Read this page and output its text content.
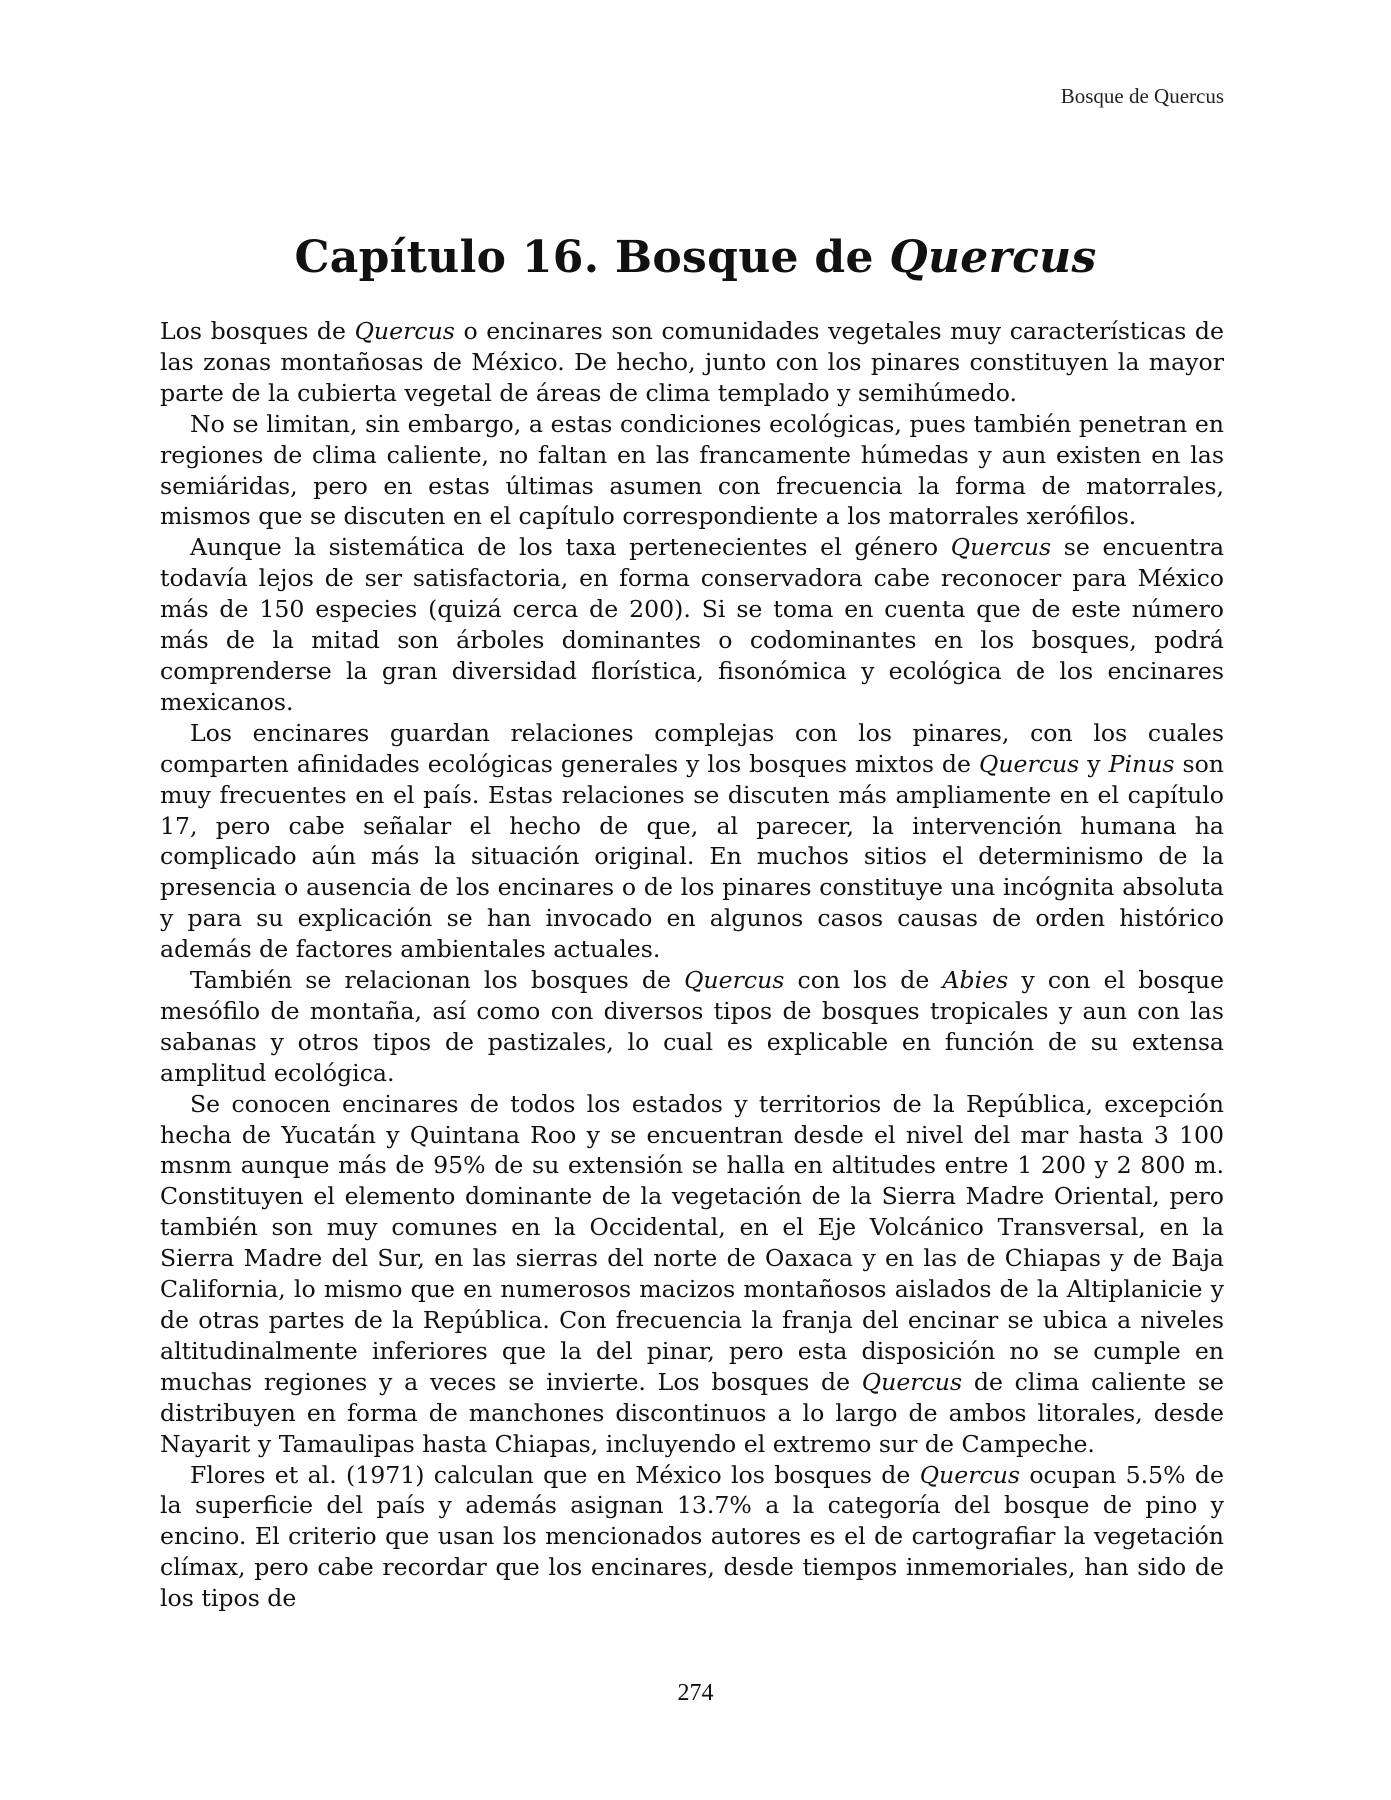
Bosque de Quercus
Capítulo 16. Bosque de Quercus

Los bosques de Quercus o encinares son comunidades vegetales muy características de las zonas montañosas de México. De hecho, junto con los pinares constituyen la mayor parte de la cubierta vegetal de áreas de clima templado y semihúmedo.

No se limitan, sin embargo, a estas condiciones ecológicas, pues también penetran en regiones de clima caliente, no faltan en las francamente húmedas y aun existen en las semiáridas, pero en estas últimas asumen con frecuencia la forma de matorrales, mismos que se discuten en el capítulo correspondiente a los matorrales xerófilos.

Aunque la sistemática de los taxa pertenecientes el género Quercus se encuentra todavía lejos de ser satisfactoria, en forma conservadora cabe reconocer para México más de 150 especies (quizá cerca de 200). Si se toma en cuenta que de este número más de la mitad son árboles dominantes o codominantes en los bosques, podrá comprenderse la gran diversidad florística, fisonómica y ecológica de los encinares mexicanos.

Los encinares guardan relaciones complejas con los pinares, con los cuales comparten afinidades ecológicas generales y los bosques mixtos de Quercus y Pinus son muy frecuentes en el país. Estas relaciones se discuten más ampliamente en el capítulo 17, pero cabe señalar el hecho de que, al parecer, la intervención humana ha complicado aún más la situación original. En muchos sitios el determinismo de la presencia o ausencia de los encinares o de los pinares constituye una incógnita absoluta y para su explicación se han invocado en algunos casos causas de orden histórico además de factores ambientales actuales.

También se relacionan los bosques de Quercus con los de Abies y con el bosque mesófilo de montaña, así como con diversos tipos de bosques tropicales y aun con las sabanas y otros tipos de pastizales, lo cual es explicable en función de su extensa amplitud ecológica.

Se conocen encinares de todos los estados y territorios de la República, excepción hecha de Yucatán y Quintana Roo y se encuentran desde el nivel del mar hasta 3 100 msnm aunque más de 95% de su extensión se halla en altitudes entre 1 200 y 2 800 m. Constituyen el elemento dominante de la vegetación de la Sierra Madre Oriental, pero también son muy comunes en la Occidental, en el Eje Volcánico Transversal, en la Sierra Madre del Sur, en las sierras del norte de Oaxaca y en las de Chiapas y de Baja California, lo mismo que en numerosos macizos montañosos aislados de la Altiplanicie y de otras partes de la República. Con frecuencia la franja del encinar se ubica a niveles altitudinalmente inferiores que la del pinar, pero esta disposición no se cumple en muchas regiones y a veces se invierte. Los bosques de Quercus de clima caliente se distribuyen en forma de manchones discontinuos a lo largo de ambos litorales, desde Nayarit y Tamaulipas hasta Chiapas, incluyendo el extremo sur de Campeche.

Flores et al. (1971) calculan que en México los bosques de Quercus ocupan 5.5% de la superficie del país y además asignan 13.7% a la categoría del bosque de pino y encino. El criterio que usan los mencionados autores es el de cartografiar la vegetación clímax, pero cabe recordar que los encinares, desde tiempos inmemoriales, han sido de los tipos de

274
